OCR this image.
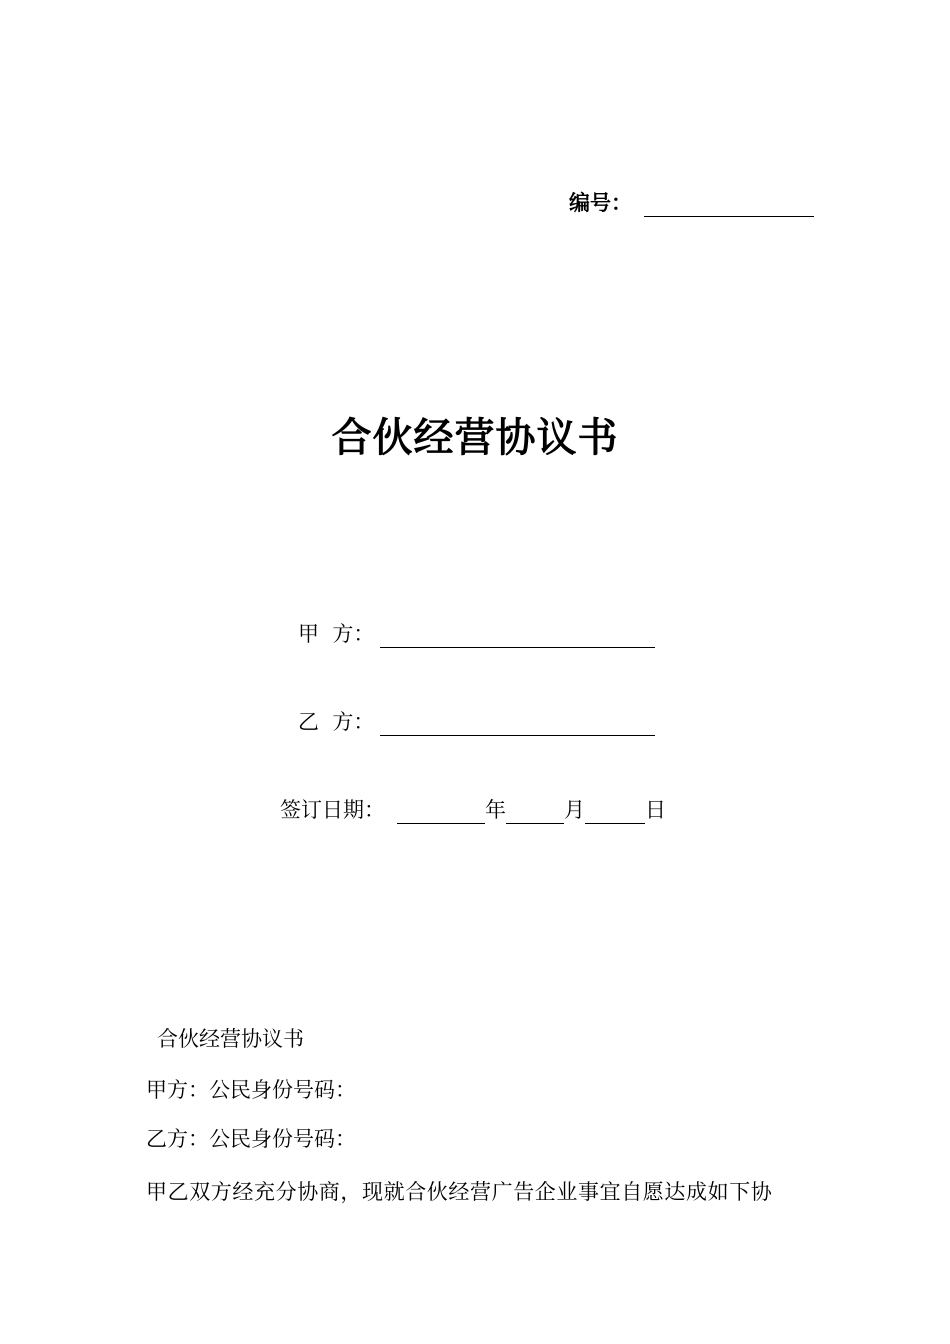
编号：
合伙经营协议书
甲  方：
乙  方：
签订日期：	年	月	日
合伙经营协议书
甲方：公民身份号码：
乙方：公民身份号码：
甲乙双方经充分协商，现就合伙经营广告企业事宜自愿达成如下协
